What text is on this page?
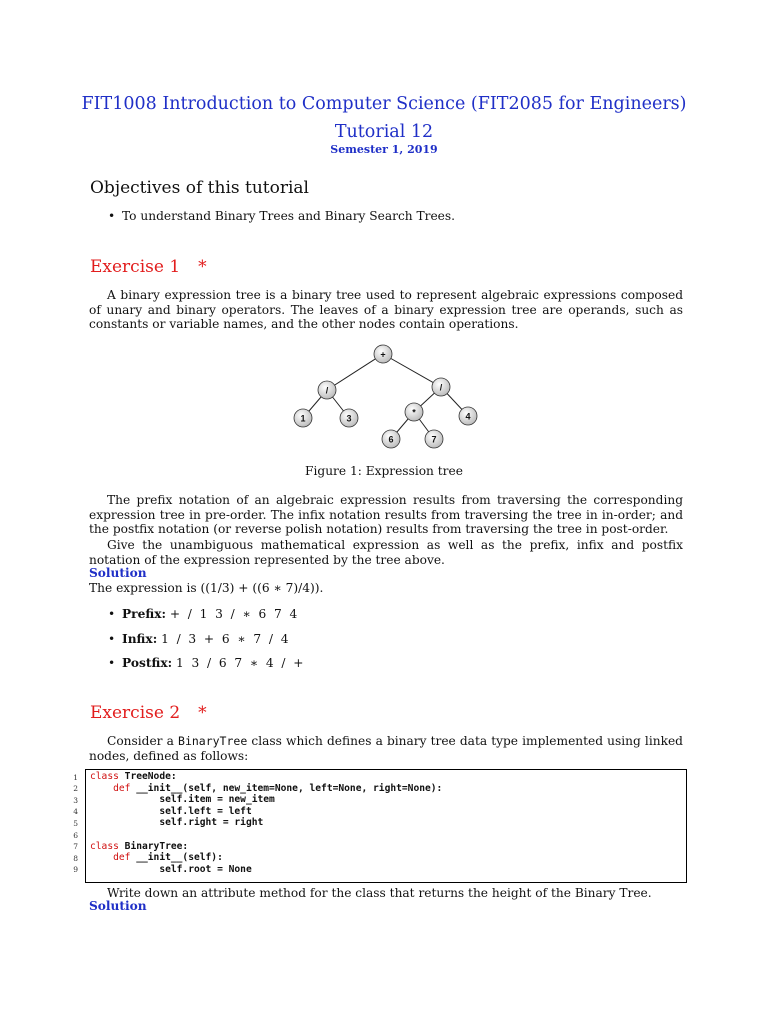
FIT1008 Introduction to Computer Science (FIT2085 for Engineers)
Tutorial 12
Semester 1, 2019
Objectives of this tutorial
• To understand Binary Trees and Binary Search Trees.
Exercise 1 *
A binary expression tree is a binary tree used to represent algebraic expressions composed of unary and binary operators. The leaves of a binary expression tree are operands, such as constants or variable names, and the other nodes contain operations.
+
/	/
1	3
*	4
6	7
Figure 1: Expression tree
The prefix notation of an algebraic expression results from traversing the corresponding expression tree in pre-order. The infix notation results from traversing the tree in in-order; and the postfix notation (or reverse polish notation) results from traversing the tree in post-order.
Give the unambiguous mathematical expression as well as the prefix, infix and postfix notation of the expression represented by the tree above.
Solution
The expression is ((1/3) + ((6 ∗ 7)/4)).
• Prefix: +  /  1  3  /  ∗  6  7  4
• Infix: 1  /  3  +  6  ∗  7  /  4
• Postfix: 1  3  /  6  7  ∗  4  /  +
Exercise 2 *
Consider a BinaryTree class which defines a binary tree data type implemented using linked nodes, defined as follows:
1 class TreeNode:
2	def __init__(self, new_item=None, left=None, right=None):
3	self.item = new_item
4	self.left = left
5	self.right = right
6
7 class BinaryTree:
8	def __init__(self):
9	self.root = None
Write down an attribute method for the class that returns the height of the Binary Tree.
Solution
